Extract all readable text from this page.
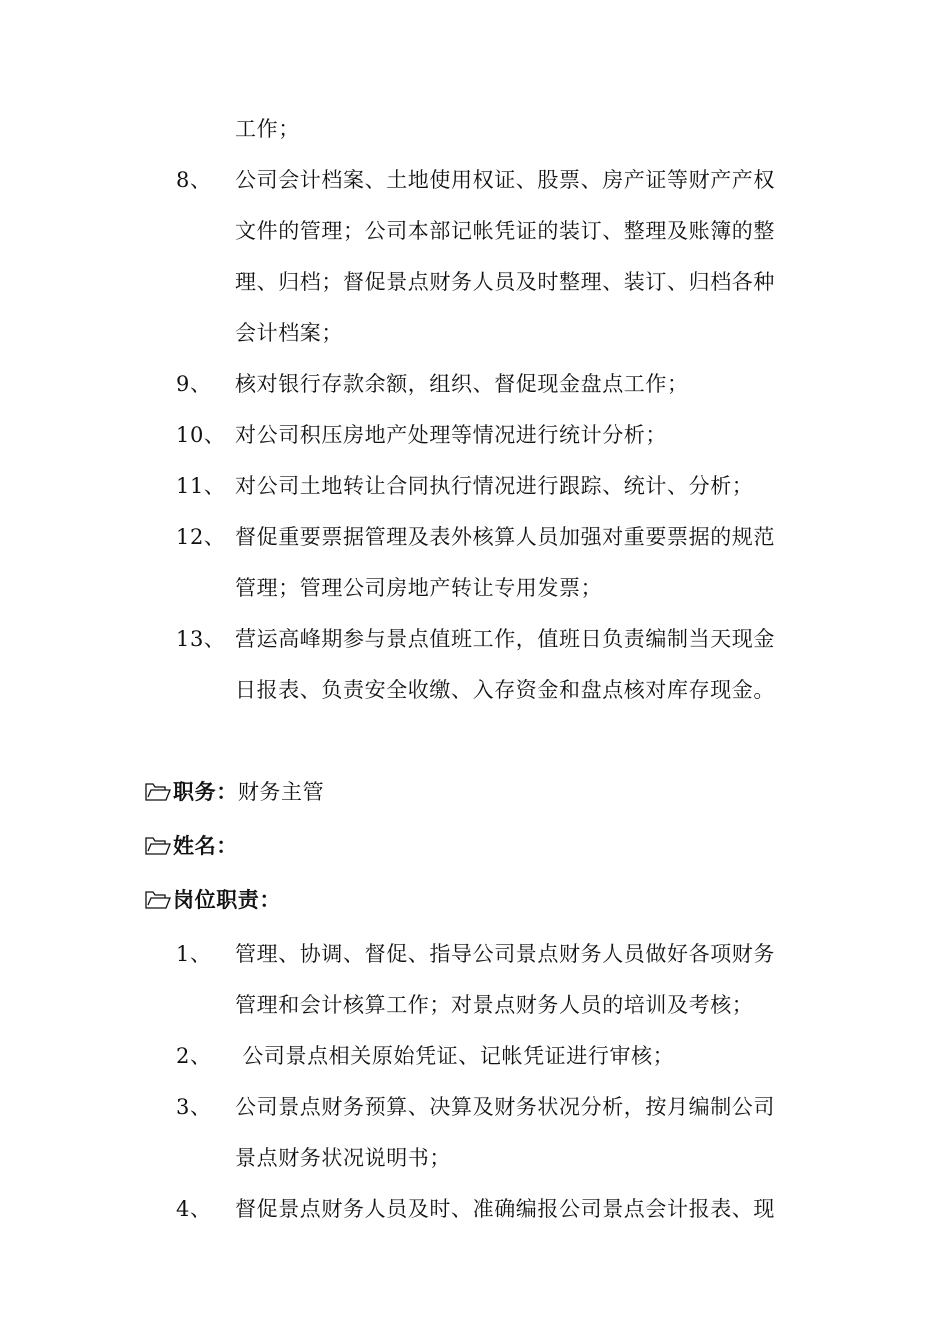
工作；
8、 公司会计档案、土地使用权证、股票、房产证等财产产权
文件的管理；公司本部记帐凭证的装订、整理及账簿的整
理、归档；督促景点财务人员及时整理、装订、归档各种
会计档案；
9、 核对银行存款余额，组织、督促现金盘点工作；
10、 对公司积压房地产处理等情况进行统计分析；
11、 对公司土地转让合同执行情况进行跟踪、统计、分析；
12、 督促重要票据管理及表外核算人员加强对重要票据的规范
管理；管理公司房地产转让专用发票；
13、 营运高峰期参与景点值班工作，值班日负责编制当天现金
日报表、负责安全收缴、入存资金和盘点核对库存现金。
职务： 财务主管
姓名：
岗位职责：
1、 管理、协调、督促、指导公司景点财务人员做好各项财务
管理和会计核算工作；对景点财务人员的培训及考核；
2、 公司景点相关原始凭证、记帐凭证进行审核；
3、 公司景点财务预算、决算及财务状况分析，按月编制公司
景点财务状况说明书；
4、 督促景点财务人员及时、准确编报公司景点会计报表、现
